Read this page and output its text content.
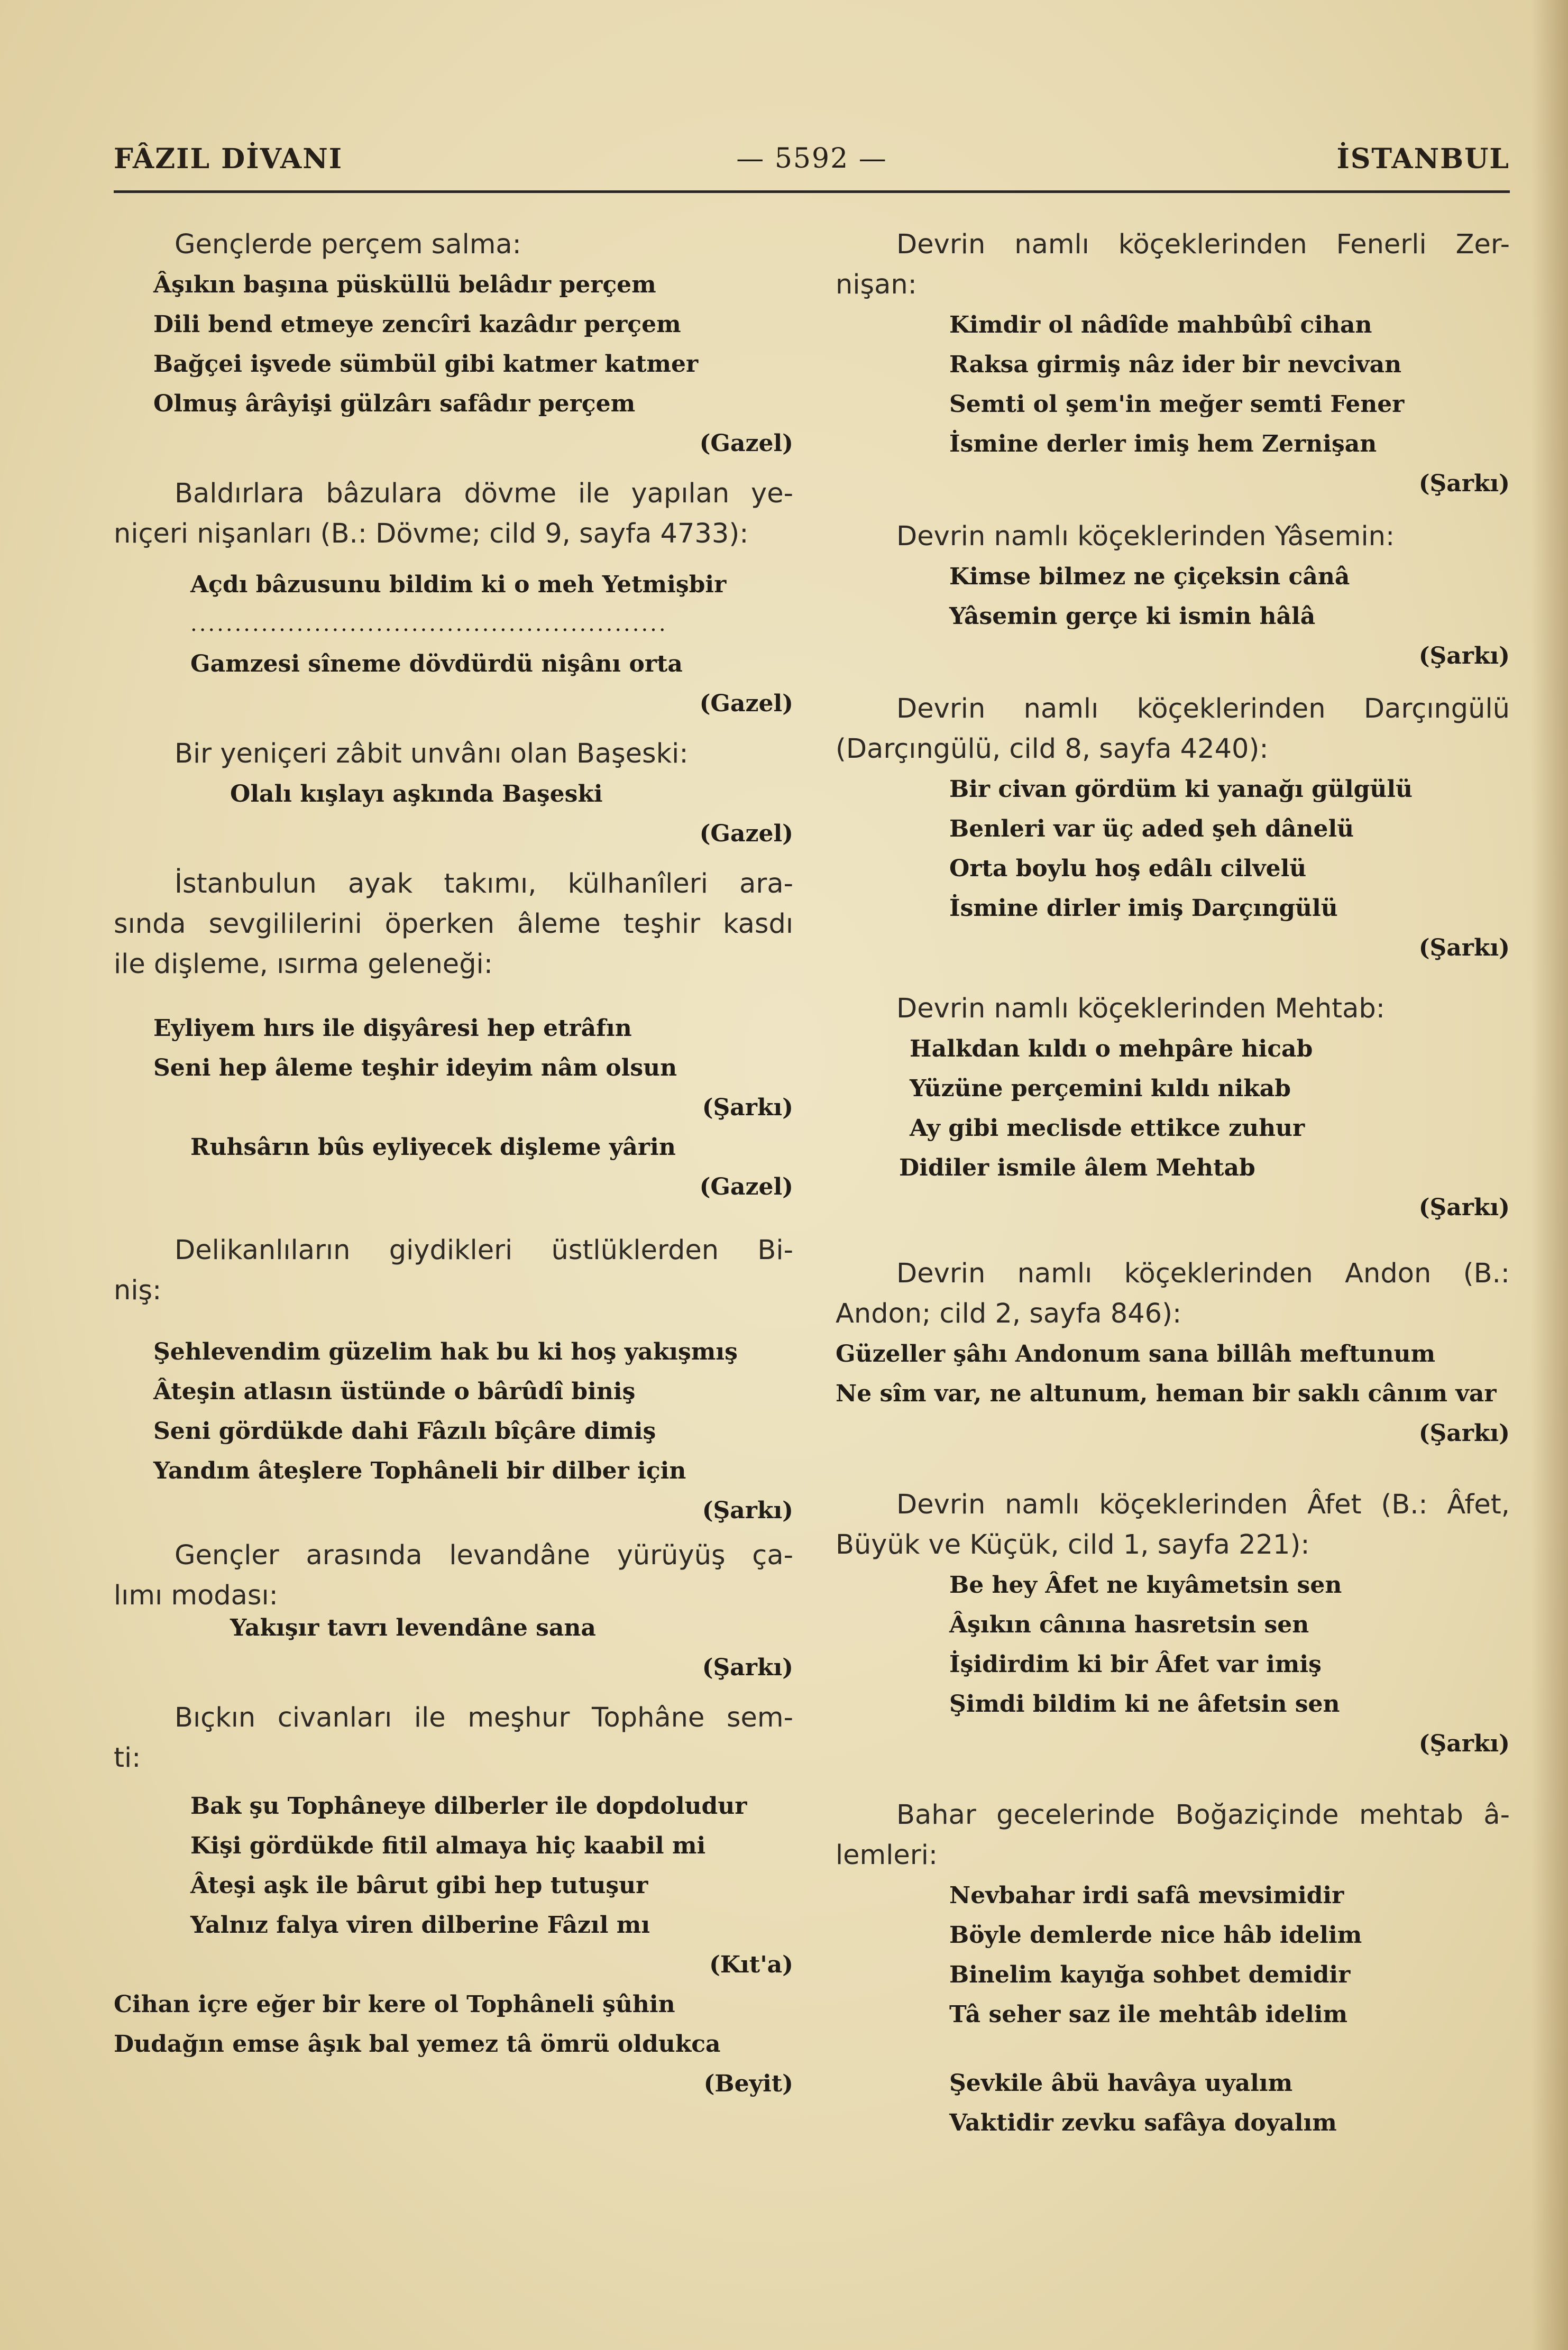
FÂZIL DİVANI	— 5592 —	İSTANBUL
Gençlerde perçem salma:
Âşıkın başına püsküllü belâdır perçem
Dili bend etmeye zencîri kazâdır perçem
Bağçei işvede sümbül gibi katmer katmer
Olmuş ârâyişi gülzârı safâdır perçem
(Gazel)
Baldırlara bâzulara dövme ile yapılan ye-
niçeri nişanları (B.: Dövme; cild 9, sayfa 4733):
Açdı bâzusunu bildim ki o meh Yetmişbir
......................................................
Gamzesi sîneme dövdürdü nişânı orta
(Gazel)
Bir yeniçeri zâbit unvânı olan Başeski:
Olalı kışlayı aşkında Başeski
(Gazel)
İstanbulun ayak takımı, külhanîleri ara-
sında sevgililerini öperken âleme teşhir kasdı
ile dişleme, ısırma geleneği:
Eyliyem hırs ile dişyâresi hep etrâfın
Seni hep âleme teşhir ideyim nâm olsun
(Şarkı)
Ruhsârın bûs eyliyecek dişleme yârin
(Gazel)
Delikanlıların giydikleri üstlüklerden Bi-
niş:
Şehlevendim güzelim hak bu ki hoş yakışmış
Âteşin atlasın üstünde o bârûdî biniş
Seni gördükde dahi Fâzılı bîçâre dimiş
Yandım âteşlere Tophâneli bir dilber için
(Şarkı)
Gençler arasında levandâne yürüyüş ça-
lımı modası:
Yakışır tavrı levendâne sana
(Şarkı)
Bıçkın civanları ile meşhur Tophâne sem-
ti:
Bak şu Tophâneye dilberler ile dopdoludur
Kişi gördükde fitil almaya hiç kaabil mi
Âteşi aşk ile bârut gibi hep tutuşur
Yalnız falya viren dilberine Fâzıl mı
(Kıt'a)
Cihan içre eğer bir kere ol Tophâneli şûhin
Dudağın emse âşık bal yemez tâ ömrü oldukca
(Beyit)
Devrin namlı köçeklerinden Fenerli Zer-
nişan:
Kimdir ol nâdîde mahbûbî cihan
Raksa girmiş nâz ider bir nevcivan
Semti ol şem'in meğer semti Fener
İsmine derler imiş hem Zernişan
(Şarkı)
Devrin namlı köçeklerinden Yâsemin:
Kimse bilmez ne çiçeksin cânâ
Yâsemin gerçe ki ismin hâlâ
(Şarkı)
Devrin namlı köçeklerinden Darçıngülü
(Darçıngülü, cild 8, sayfa 4240):
Bir civan gördüm ki yanağı gülgülü
Benleri var üç aded şeh dânelü
Orta boylu hoş edâlı cilvelü
İsmine dirler imiş Darçıngülü
(Şarkı)
Devrin namlı köçeklerinden Mehtab:
Halkdan kıldı o mehpâre hicab
Yüzüne perçemini kıldı nikab
Ay gibi meclisde ettikce zuhur
Didiler ismile âlem Mehtab
(Şarkı)
Devrin namlı köçeklerinden Andon (B.:
Andon; cild 2, sayfa 846):
Güzeller şâhı Andonum sana billâh meftunum
Ne sîm var, ne altunum, heman bir saklı cânım var
(Şarkı)
Devrin namlı köçeklerinden Âfet (B.: Âfet,
Büyük ve Küçük, cild 1, sayfa 221):
Be hey Âfet ne kıyâmetsin sen
Âşıkın cânına hasretsin sen
İşidirdim ki bir Âfet var imiş
Şimdi bildim ki ne âfetsin sen
(Şarkı)
Bahar gecelerinde Boğaziçinde mehtab â-
lemleri:
Nevbahar irdi safâ mevsimidir
Böyle demlerde nice hâb idelim
Binelim kayığa sohbet demidir
Tâ seher saz ile mehtâb idelim
Şevkile âbü havâya uyalım
Vaktidir zevku safâya doyalım
